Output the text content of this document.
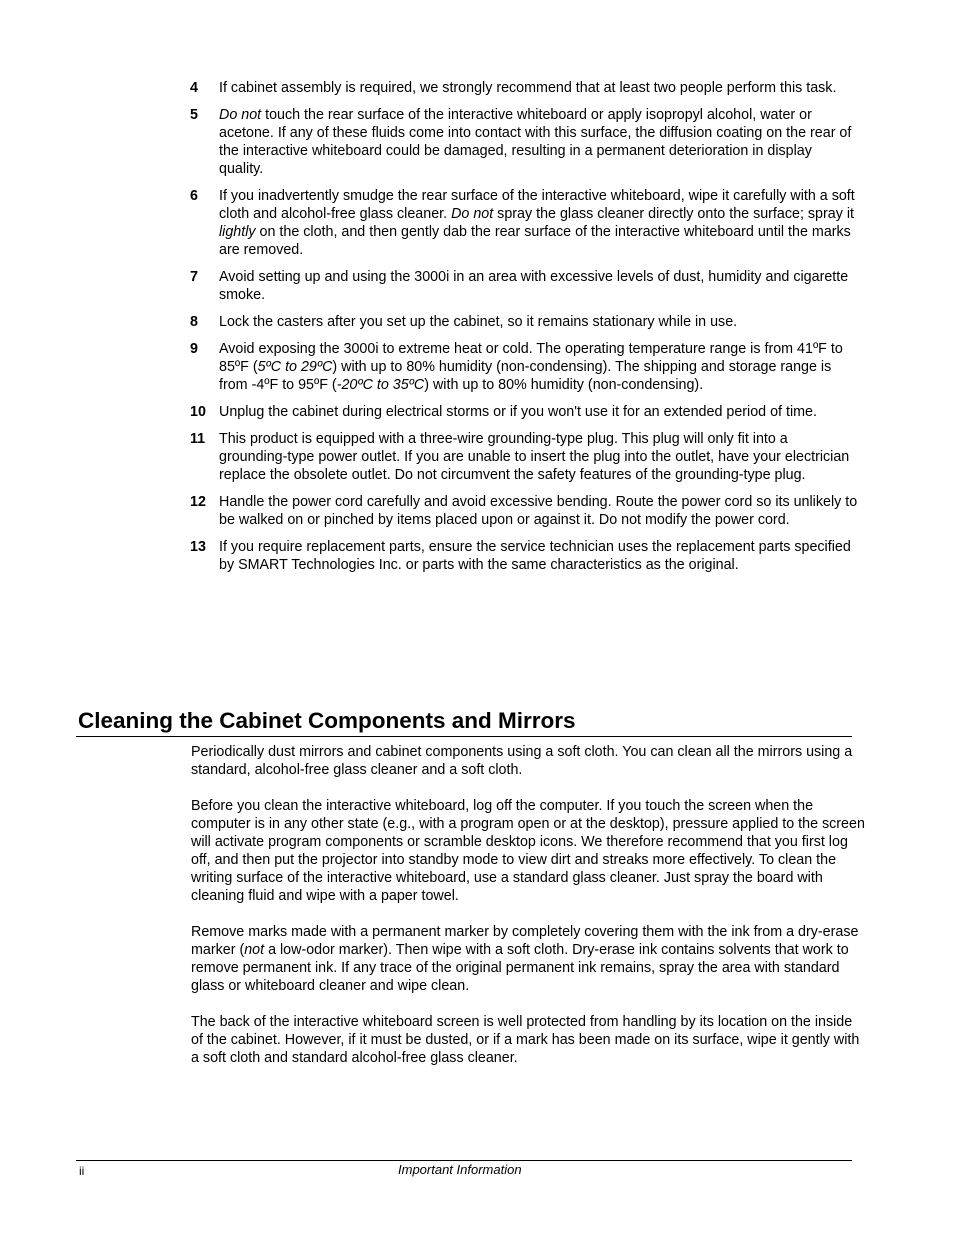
4	If cabinet assembly is required, we strongly recommend that at least two people perform this task.
5	Do not touch the rear surface of the interactive whiteboard or apply isopropyl alcohol, water or acetone. If any of these fluids come into contact with this surface, the diffusion coating on the rear of the interactive whiteboard could be damaged, resulting in a permanent deterioration in display quality.
6	If you inadvertently smudge the rear surface of the interactive whiteboard, wipe it carefully with a soft cloth and alcohol-free glass cleaner. Do not spray the glass cleaner directly onto the surface; spray it lightly on the cloth, and then gently dab the rear surface of the interactive whiteboard until the marks are removed.
7	Avoid setting up and using the 3000i in an area with excessive levels of dust, humidity and cigarette smoke.
8	Lock the casters after you set up the cabinet, so it remains stationary while in use.
9	Avoid exposing the 3000i to extreme heat or cold. The operating temperature range is from 41ºF to 85ºF (5ºC to 29ºC) with up to 80% humidity (non-condensing). The shipping and storage range is from -4ºF to 95ºF (-20ºC to 35ºC) with up to 80% humidity (non-condensing).
10 Unplug the cabinet during electrical storms or if you won't use it for an extended period of time.
11 This product is equipped with a three-wire grounding-type plug. This plug will only fit into a grounding-type power outlet. If you are unable to insert the plug into the outlet, have your electrician replace the obsolete outlet. Do not circumvent the safety features of the grounding-type plug.
12 Handle the power cord carefully and avoid excessive bending. Route the power cord so its unlikely to be walked on or pinched by items placed upon or against it. Do not modify the power cord.
13 If you require replacement parts, ensure the service technician uses the replacement parts specified by SMART Technologies Inc. or parts with the same characteristics as the original.
Cleaning the Cabinet Components and Mirrors

Periodically dust mirrors and cabinet components using a soft cloth. You can clean all the mirrors using a standard, alcohol-free glass cleaner and a soft cloth.

Before you clean the interactive whiteboard, log off the computer. If you touch the screen when the computer is in any other state (e.g., with a program open or at the desktop), pressure applied to the screen will activate program components or scramble desktop icons. We therefore recommend that you first log off, and then put the projector into standby mode to view dirt and streaks more effectively. To clean the writing surface of the interactive whiteboard, use a standard glass cleaner. Just spray the board with cleaning fluid and wipe with a paper towel.

Remove marks made with a permanent marker by completely covering them with the ink from a dry-erase marker (not a low-odor marker). Then wipe with a soft cloth. Dry-erase ink contains solvents that work to remove permanent ink. If any trace of the original permanent ink remains, spray the area with standard glass or whiteboard cleaner and wipe clean.

The back of the interactive whiteboard screen is well protected from handling by its location on the inside of the cabinet. However, if it must be dusted, or if a mark has been made on its surface, wipe it gently with a soft cloth and standard alcohol-free glass cleaner.

ii	Important Information
